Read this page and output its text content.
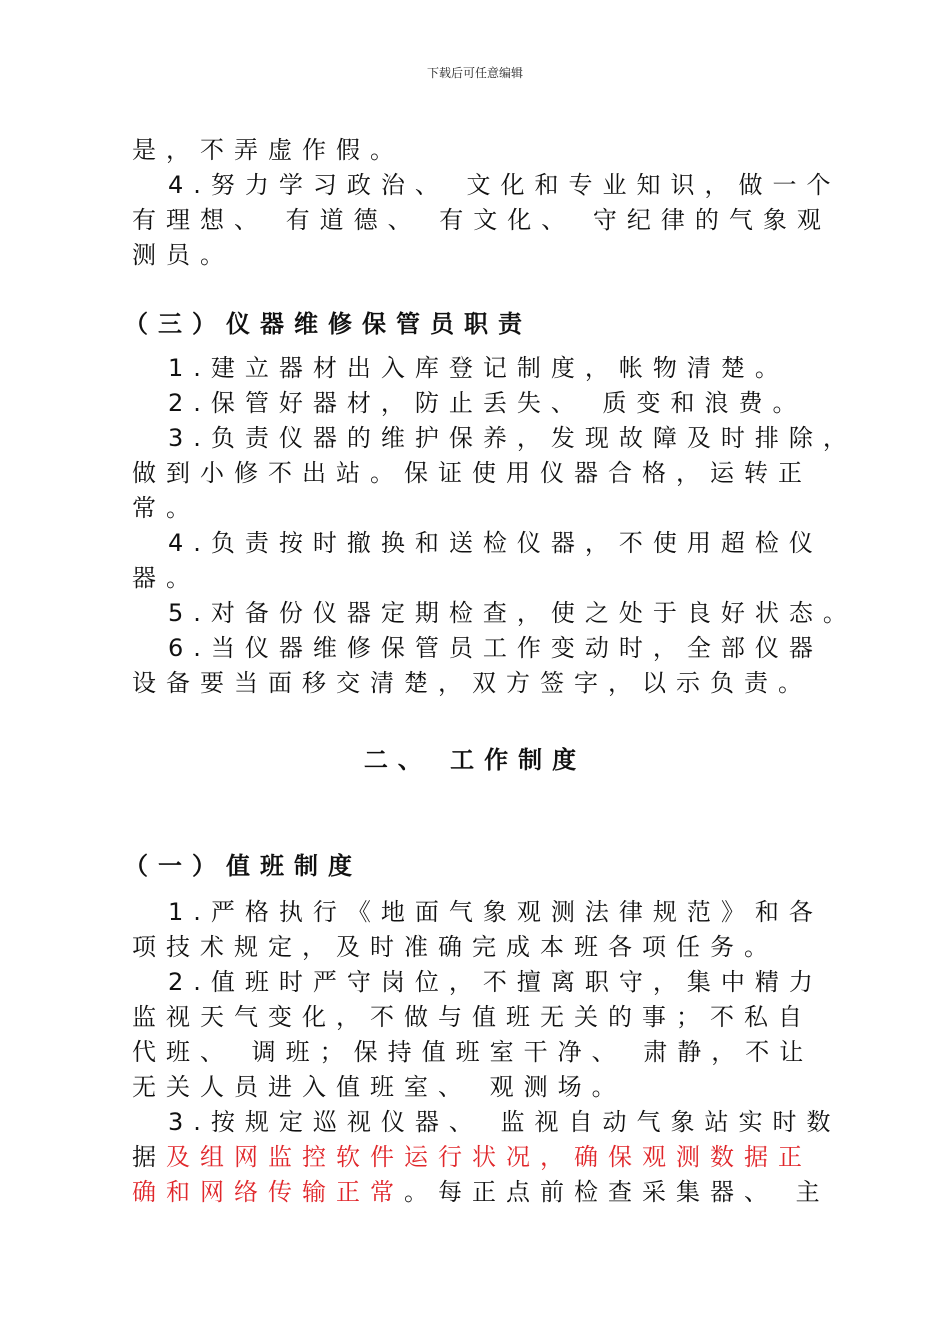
下载后可任意编辑
是，不弄虚作假。
4.努力学习政治、 文化和专业知识，做一个
有理想、 有道德、 有文化、 守纪律的气象观
测员。
（三）仪器维修保管员职责
1.建立器材出入库登记制度，帐物清楚。
2.保管好器材，防止丢失、 质变和浪费。
3.负责仪器的维护保养，发现故障及时排除，
做到小修不出站。保证使用仪器合格，运转正
常。
4.负责按时撤换和送检仪器，不使用超检仪
器。
5.对备份仪器定期检查，使之处于良好状态。
6.当仪器维修保管员工作变动时，全部仪器
设备要当面移交清楚，双方签字，以示负责。
二、 工作制度
（一）值班制度
1.严格执行《地面气象观测法律规范》和各
项技术规定，及时准确完成本班各项任务。
2.值班时严守岗位，不擅离职守，集中精力
监视天气变化，不做与值班无关的事；不私自
代班、 调班；保持值班室干净、 肃静，不让
无关人员进入值班室、 观测场。
3.按规定巡视仪器、 监视自动气象站实时数
据及组网监控软件运行状况，确保观测数据正
确和网络传输正常。每正点前检查采集器、 主
